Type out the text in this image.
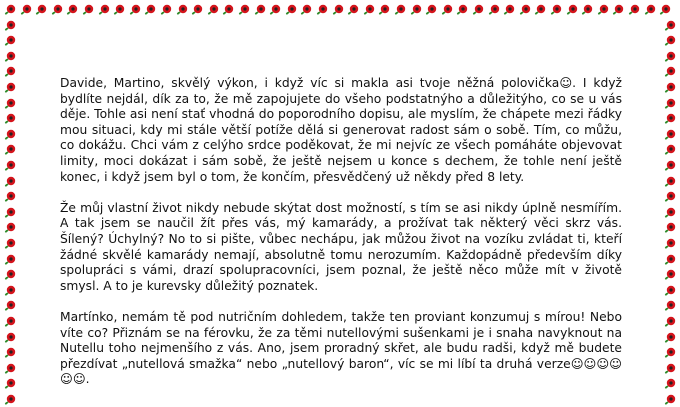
Davide, Martino, skvělý výkon, i když víc si makla asi tvoje něžná polovička☺. I když bydlíte nejdál, dík za to, že mě zapojujete do všeho podstatnýho a důležitýho, co se u vás děje. Tohle asi není stať vhodná do poporodního dopisu, ale myslím, že chápete mezi řádky mou situaci, kdy mi stále větší potíže dělá si generovat radost sám o sobě. Tím, co můžu, co dokážu. Chci vám z celýho srdce poděkovat, že mi nejvíc ze všech pomáháte objevovat limity, moci dokázat i sám sobě, že ještě nejsem u konce s dechem, že tohle není ještě konec, i když jsem byl o tom, že končím, přesvědčený už někdy před 8 lety.

Že můj vlastní život nikdy nebude skýtat dost možností, s tím se asi nikdy úplně nesmířím. A tak jsem se naučil žít přes vás, mý kamarády, a prožívat tak některý věci skrz vás. Šílený? Úchylný? No to si pište, vůbec nechápu, jak můžou život na vozíku zvládat ti, kteří žádné skvělé kamarády nemají, absolutně tomu nerozumím. Každopádně především díky spolupráci s vámi, drazí spolupracovníci, jsem poznal, že ještě něco může mít v životě smysl. A to je kurevsky důležitý poznatek.

Martínko, nemám tě pod nutričním dohledem, takže ten proviant konzumuj s mírou! Nebo víte co? Přiznám se na férovku, že za těmi nutellovými sušenkami je i snaha navyknout na Nutellu toho nejmenšího z vás. Ano, jsem proradný skřet, ale budu radši, když mě budete přezdívat „nutellová smažka“ nebo „nutellový baron“, víc se mi líbí ta druhá verze☺☺☺☺☺☺.
